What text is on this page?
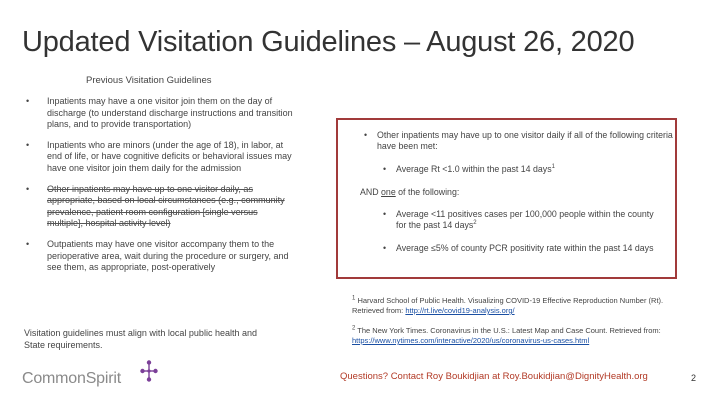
Updated Visitation Guidelines – August 26, 2020
Previous Visitation Guidelines
• Inpatients may have a one visitor join them on the day of discharge (to understand discharge instructions and transition plans, and to provide transportation)
• Inpatients who are minors (under the age of 18), in labor, at end of life, or have cognitive deficits or behavioral issues may have one visitor join them daily for the admission
• Other inpatients may have up to one visitor daily, as appropriate, based on local circumstances (e.g., community prevalence, patient room configuration [single versus multiple], hospital activity level)
• Outpatients may have one visitor accompany them to the perioperative area, wait during the procedure or surgery, and see them, as appropriate, post-operatively
Visitation guidelines must align with local public health and State requirements.
• Other inpatients may have up to one visitor daily if all of the following criteria have been met:
• Average Rt <1.0 within the past 14 days$^1$
AND one of the following:
• Average <11 positives cases per 100,000 people within the county for the past 14 days$^2$
• Average ≤5% of county PCR positivity rate within the past 14 days
$^1$ Harvard School of Public Health. Visualizing COVID-19 Effective Reproduction Number (Rt). Retrieved from: http://rt.live/covid19-analysis.org/
$^2$ The New York Times. Coronavirus in the U.S.: Latest Map and Case Count. Retrieved from: https://www.nytimes.com/interactive/2020/us/coronavirus-us-cases.html
CommonSpirit	Questions? Contact Roy Boukidjian at Roy.Boukidjian@DignityHealth.org	2
